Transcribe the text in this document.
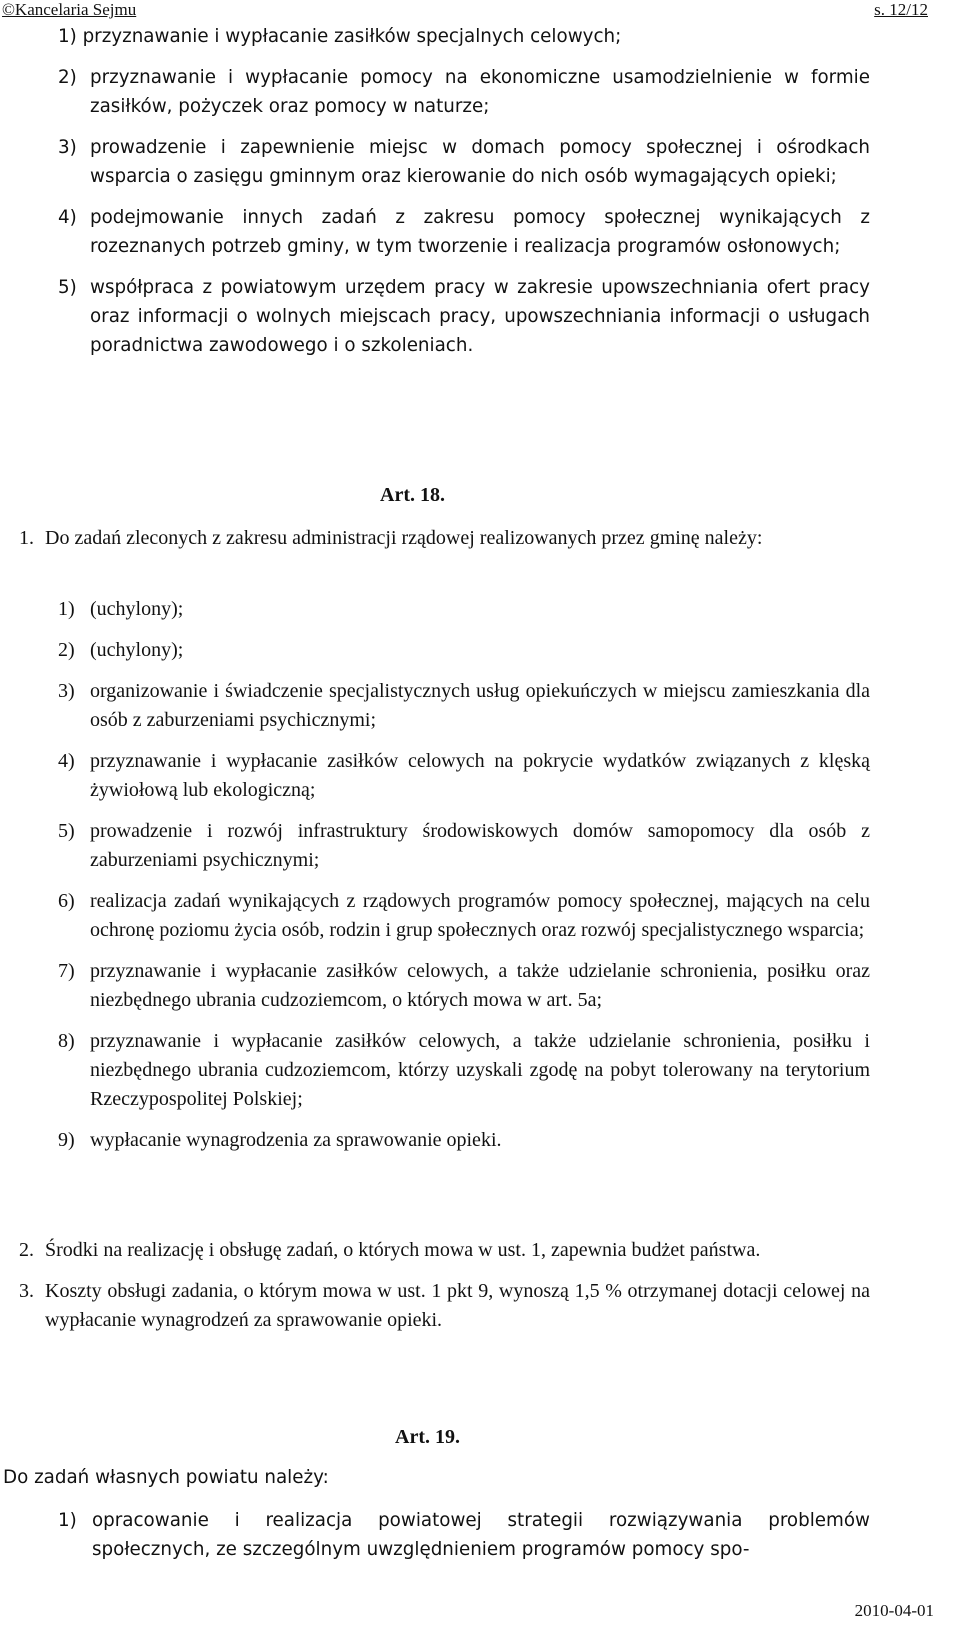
©Kancelaria Sejmu	s. 12/12
1) przyznawanie i wypłacanie zasiłków specjalnych celowych;
2) przyznawanie i wypłacanie pomocy na ekonomiczne usamodzielnienie w formie zasiłków, pożyczek oraz pomocy w naturze;
3) prowadzenie i zapewnienie miejsc w domach pomocy społecznej i ośrodkach wsparcia o zasięgu gminnym oraz kierowanie do nich osób wymagających opieki;
4) podejmowanie innych zadań z zakresu pomocy społecznej wynikających z rozeznanych potrzeb gminy, w tym tworzenie i realizacja programów osłonowych;
5) współpraca z powiatowym urzędem pracy w zakresie upowszechniania ofert pracy oraz informacji o wolnych miejscach pracy, upowszechniania informacji o usługach poradnictwa zawodowego i o szkoleniach.
Art. 18.
1. Do zadań zleconych z zakresu administracji rządowej realizowanych przez gminę należy:
1) (uchylony);
2) (uchylony);
3) organizowanie i świadczenie specjalistycznych usług opiekuńczych w miejscu zamieszkania dla osób z zaburzeniami psychicznymi;
4) przyznawanie i wypłacanie zasiłków celowych na pokrycie wydatków związanych z klęską żywiołową lub ekologiczną;
5) prowadzenie i rozwój infrastruktury środowiskowych domów samopomocy dla osób z zaburzeniami psychicznymi;
6) realizacja zadań wynikających z rządowych programów pomocy społecznej, mających na celu ochronę poziomu życia osób, rodzin i grup społecznych oraz rozwój specjalistycznego wsparcia;
7) przyznawanie i wypłacanie zasiłków celowych, a także udzielanie schronienia, posiłku oraz niezbędnego ubrania cudzoziemcom, o których mowa w art. 5a;
8) przyznawanie i wypłacanie zasiłków celowych, a także udzielanie schronienia, posiłku i niezbędnego ubrania cudzoziemcom, którzy uzyskali zgodę na pobyt tolerowany na terytorium Rzeczypospolitej Polskiej;
9) wypłacanie wynagrodzenia za sprawowanie opieki.
2. Środki na realizację i obsługę zadań, o których mowa w ust. 1, zapewnia budżet państwa.
3. Koszty obsługi zadania, o którym mowa w ust. 1 pkt 9, wynoszą 1,5 % otrzymanej dotacji celowej na wypłacanie wynagrodzeń za sprawowanie opieki.
Art. 19.
Do zadań własnych powiatu należy:
1) opracowanie i realizacja powiatowej strategii rozwiązywania problemów społecznych, ze szczególnym uwzględnieniem programów pomocy spo-
2010-04-01
